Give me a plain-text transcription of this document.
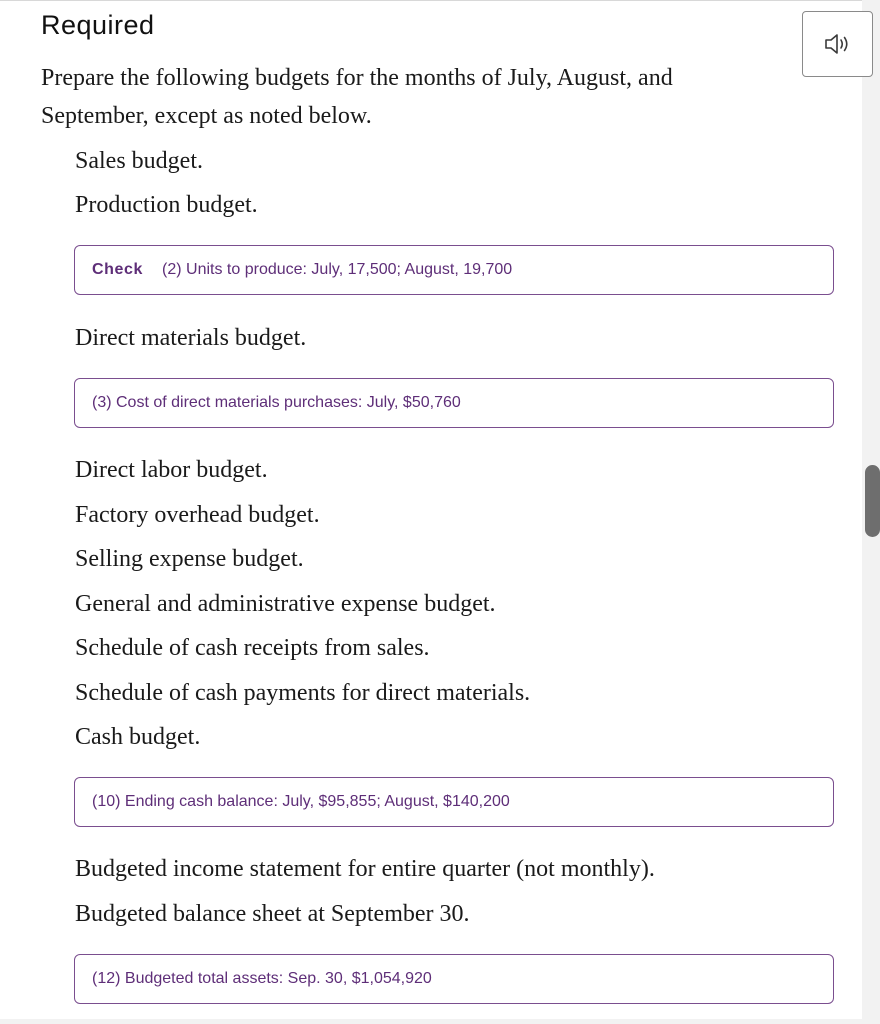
Required

Prepare the following budgets for the months of July, August, and September, except as noted below.

Sales budget.
Production budget.
Check (2) Units to produce: July, 17,500; August, 19,700
Direct materials budget.
(3) Cost of direct materials purchases: July, $50,760
Direct labor budget.
Factory overhead budget.
Selling expense budget.
General and administrative expense budget.
Schedule of cash receipts from sales.
Schedule of cash payments for direct materials.
Cash budget.
(10) Ending cash balance: July, $95,855; August, $140,200
Budgeted income statement for entire quarter (not monthly).
Budgeted balance sheet at September 30.
(12) Budgeted total assets: Sep. 30, $1,054,920
